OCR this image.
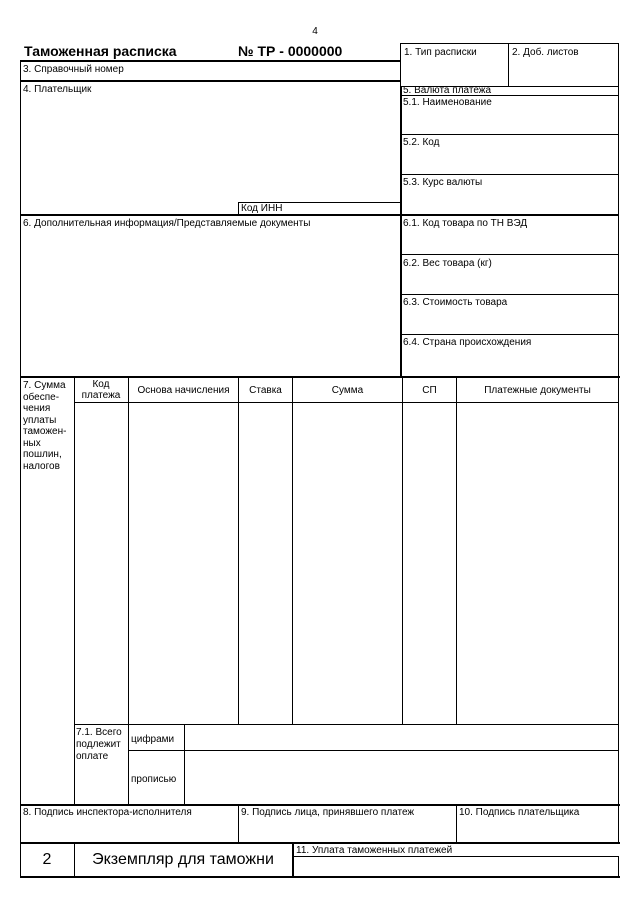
4
Таможенная расписка	№ ТР - 0000000	1. Тип расписки	2. Доб. листов
3. Справочный номер
4. Плательщик
Код ИНН
5. Валюта платежа
5.1. Наименование
5.2. Код
5.3. Курс валюты
6. Дополнительная информация/Представляемые документы	6.1. Код товара по ТН ВЭД
6.2. Вес товара (кг)
6.3. Стоимость товара
6.4. Страна происхождения
7. Сумма обеспе-чения уплаты таможен-ных пошлин, налогов
Код платежа	Основа начисления	Ставка	Сумма	СП	Платежные документы
7.1. Всего подлежит оплате
цифрами
прописью
8. Подпись инспектора-исполнителя	9. Подпись лица, принявшего платеж	10. Подпись плательщика
2	Экземпляр для таможни
11. Уплата таможенных платежей
